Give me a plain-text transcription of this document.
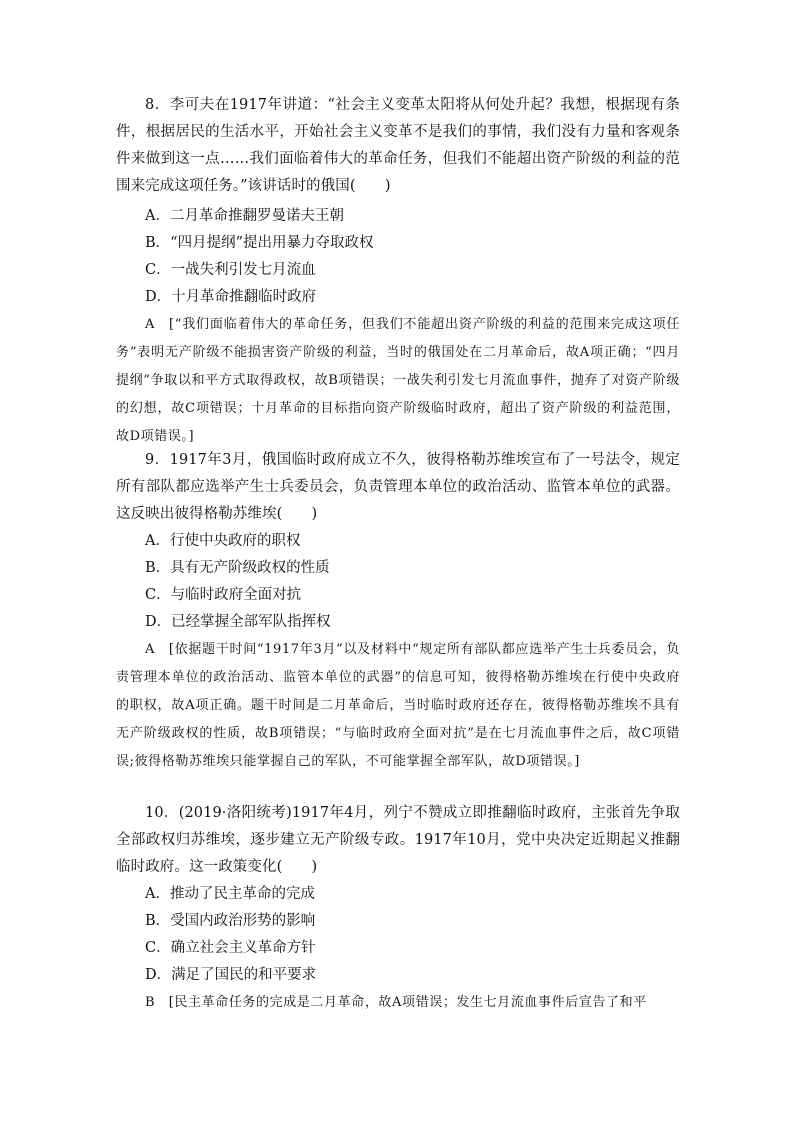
8．李可夫在1917年讲道：“社会主义变革太阳将从何处升起？我想，根据现有条件，根据居民的生活水平，开始社会主义变革不是我们的事情，我们没有力量和客观条件来做到这一点……我们面临着伟大的革命任务，但我们不能超出资产阶级的利益的范围来完成这项任务。”该讲话时的俄国(　　)
A．二月革命推翻罗曼诺夫王朝
B．“四月提纲”提出用暴力夺取政权
C．一战失利引发七月流血
D．十月革命推翻临时政府
A　[“我们面临着伟大的革命任务，但我们不能超出资产阶级的利益的范围来完成这项任务”表明无产阶级不能损害资产阶级的利益，当时的俄国处在二月革命后，故A项正确；“四月提纲”争取以和平方式取得政权，故B项错误；一战失利引发七月流血事件，抛弃了对资产阶级的幻想，故C项错误；十月革命的目标指向资产阶级临时政府，超出了资产阶级的利益范围，故D项错误。]
9．1917年3月，俄国临时政府成立不久，彼得格勒苏维埃宣布了一号法令，规定所有部队都应选举产生士兵委员会，负责管理本单位的政治活动、监管本单位的武器。这反映出彼得格勒苏维埃(　　)
A．行使中央政府的职权
B．具有无产阶级政权的性质
C．与临时政府全面对抗
D．已经掌握全部军队指挥权
A　[依据题干时间“1917年3月”以及材料中“规定所有部队都应选举产生士兵委员会，负责管理本单位的政治活动、监管本单位的武器”的信息可知，彼得格勒苏维埃在行使中央政府的职权，故A项正确。题干时间是二月革命后，当时临时政府还存在，彼得格勒苏维埃不具有无产阶级政权的性质，故B项错误；“与临时政府全面对抗”是在七月流血事件之后，故C项错误;彼得格勒苏维埃只能掌握自己的军队，不可能掌握全部军队，故D项错误。]
10．(2019·洛阳统考)1917年4月，列宁不赞成立即推翻临时政府，主张首先争取全部政权归苏维埃，逐步建立无产阶级专政。1917年10月，党中央决定近期起义推翻临时政府。这一政策变化(　　)
A．推动了民主革命的完成
B．受国内政治形势的影响
C．确立社会主义革命方针
D．满足了国民的和平要求
B　[民主革命任务的完成是二月革命，故A项错误；发生七月流血事件后宣告了和平
